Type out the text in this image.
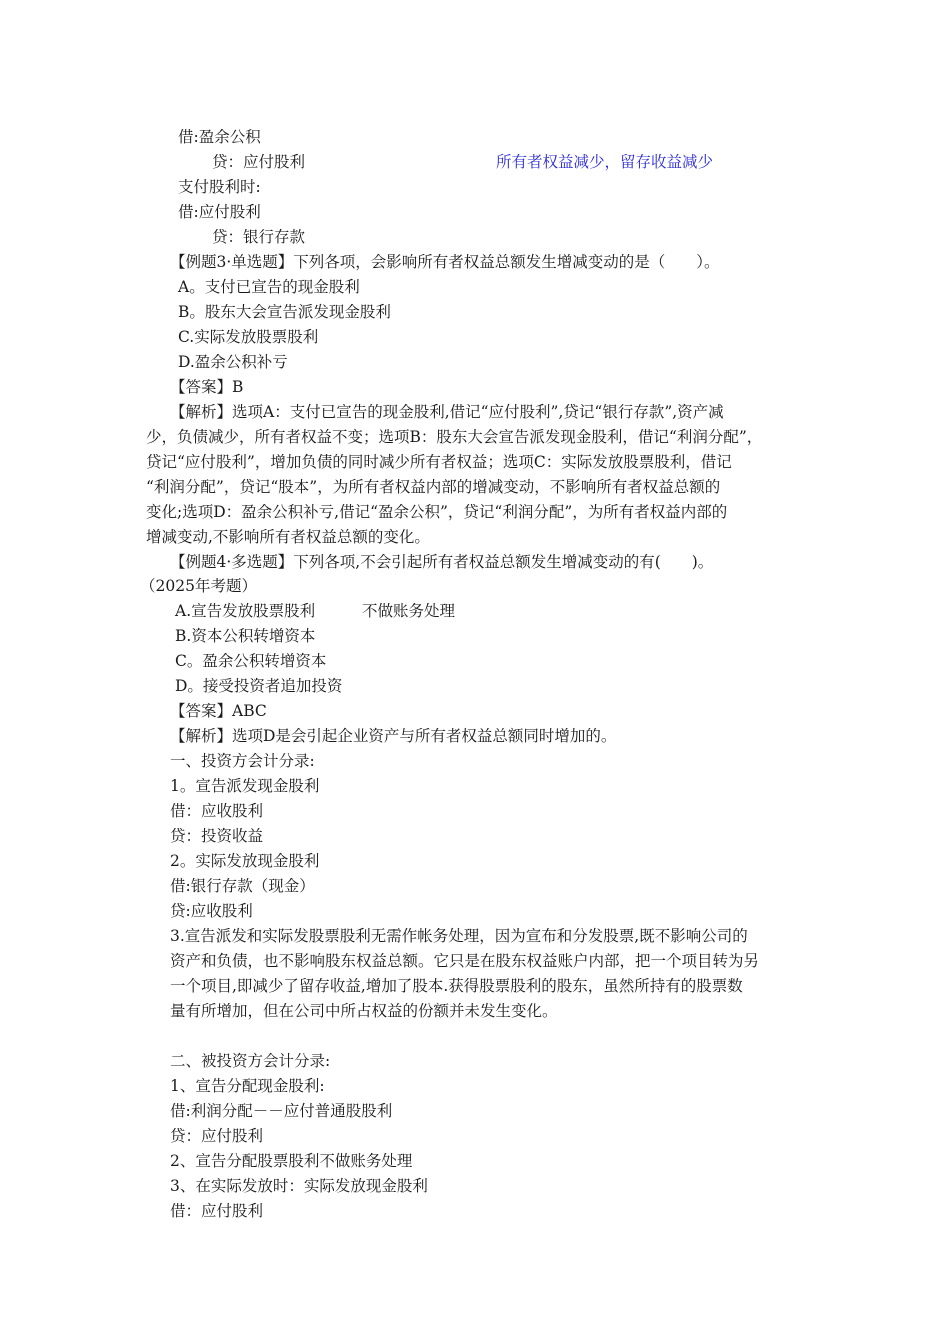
借:盈余公积
贷：应付股利	所有者权益减少，留存收益减少
支付股利时:
借:应付股利
贷：银行存款
【例题3·单选题】下列各项，会影响所有者权益总额发生增减变动的是（　　）。
A。支付已宣告的现金股利
B。股东大会宣告派发现金股利
C.实际发放股票股利
D.盈余公积补亏
【答案】B
【解析】选项A：支付已宣告的现金股利,借记“应付股利”,贷记“银行存款”,资产减
少，负债减少，所有者权益不变；选项B：股东大会宣告派发现金股利，借记“利润分配”，
贷记“应付股利”，增加负债的同时减少所有者权益；选项C：实际发放股票股利，借记
“利润分配”，贷记“股本”，为所有者权益内部的增减变动，不影响所有者权益总额的
变化;选项D：盈余公积补亏,借记“盈余公积”，贷记“利润分配”，为所有者权益内部的
增减变动,不影响所有者权益总额的变化。
【例题4·多选题】下列各项,不会引起所有者权益总额发生增减变动的有(　　)。
（2025年考题）
A.宣告发放股票股利	不做账务处理
B.资本公积转增资本
C。盈余公积转增资本
D。接受投资者追加投资
【答案】ABC
【解析】选项D是会引起企业资产与所有者权益总额同时增加的。
一、投资方会计分录:
1。宣告派发现金股利
借：应收股利
贷：投资收益
2。实际发放现金股利
借:银行存款（现金）
贷:应收股利
3.宣告派发和实际发股票股利无需作帐务处理，因为宣布和分发股票,既不影响公司的
资产和负债，也不影响股东权益总额。它只是在股东权益账户内部，把一个项目转为另
一个项目,即减少了留存收益,增加了股本.获得股票股利的股东，虽然所持有的股票数
量有所增加，但在公司中所占权益的份额并未发生变化。
二、被投资方会计分录:
1、宣告分配现金股利:
借:利润分配－－应付普通股股利
贷：应付股利
2、宣告分配股票股利不做账务处理
3、在实际发放时：实际发放现金股利
借：应付股利
